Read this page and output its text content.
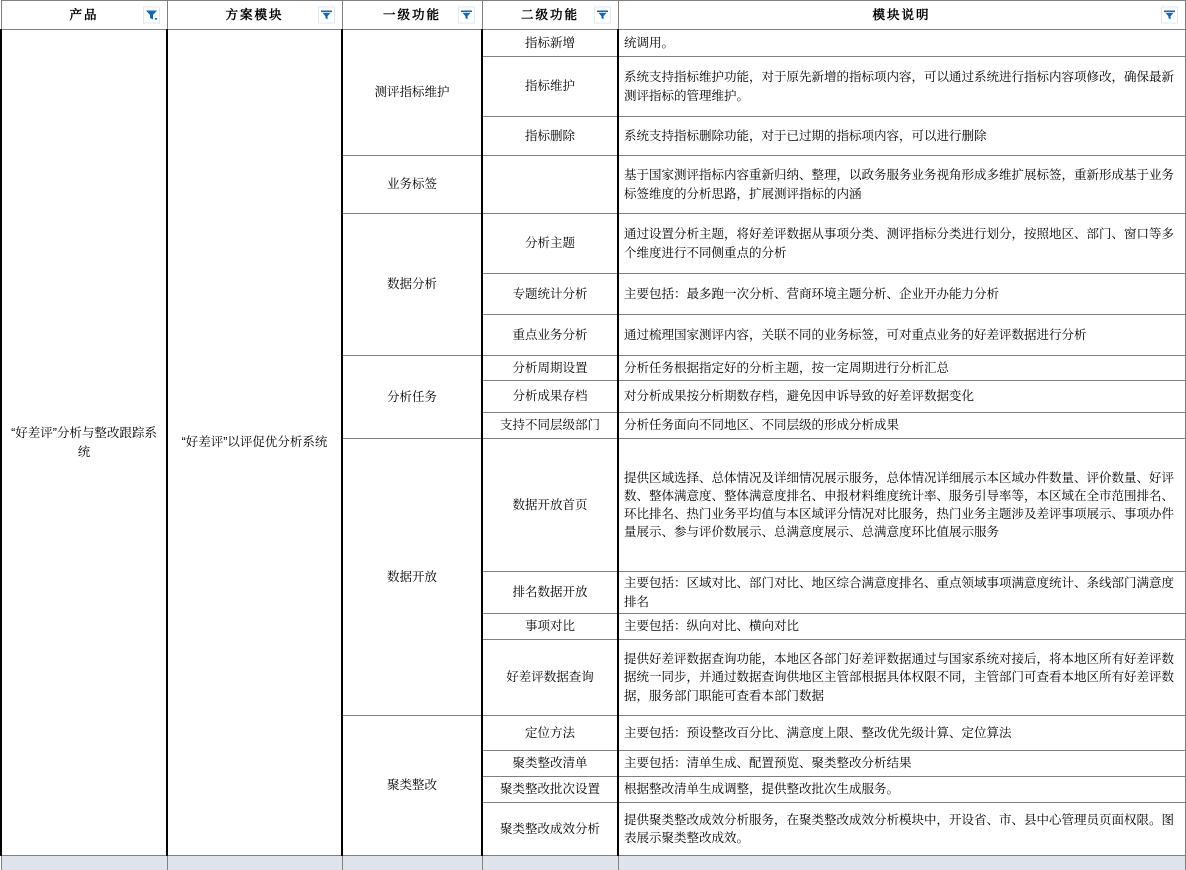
产品	方案模块	一级功能	二级功能	模块说明

“好差评”分析与整改跟踪系统	“好差评”以评促优分析系统	测评指标维护	指标新增	统调用。
			指标维护	系统支持指标维护功能，对于原先新增的指标项内容，可以通过系统进行指标内容项修改，确保最新测评指标的管理维护。
			指标删除	系统支持指标删除功能，对于已过期的指标项内容，可以进行删除
		业务标签		基于国家测评指标内容重新归纳、整理，以政务服务业务视角形成多维扩展标签，重新形成基于业务标签维度的分析思路，扩展测评指标的内涵
		数据分析	分析主题	通过设置分析主题，将好差评数据从事项分类、测评指标分类进行划分，按照地区、部门、窗口等多个维度进行不同侧重点的分析
			专题统计分析	主要包括：最多跑一次分析、营商环境主题分析、企业开办能力分析
			重点业务分析	通过梳理国家测评内容，关联不同的业务标签，可对重点业务的好差评数据进行分析
		分析任务	分析周期设置	分析任务根据指定好的分析主题，按一定周期进行分析汇总
			分析成果存档	对分析成果按分析期数存档，避免因申诉导致的好差评数据变化
			支持不同层级部门	分析任务面向不同地区、不同层级的形成分析成果
		数据开放	数据开放首页	提供区域选择、总体情况及详细情况展示服务，总体情况详细展示本区域办件数量、评价数量、好评数、整体满意度、整体满意度排名、申报材料维度统计率、服务引导率等，本区域在全市范围排名、环比排名、热门业务平均值与本区域评分情况对比服务，热门业务主题涉及差评事项展示、事项办件量展示、参与评价数展示、总满意度展示、总满意度环比值展示服务
			排名数据开放	主要包括：区域对比、部门对比、地区综合满意度排名、重点领域事项满意度统计、条线部门满意度排名
			事项对比	主要包括：纵向对比、横向对比
			好差评数据查询	提供好差评数据查询功能，本地区各部门好差评数据通过与国家系统对接后，将本地区所有好差评数据统一同步，并通过数据查询供地区主管部根据具体权限不同，主管部门可查看本地区所有好差评数据，服务部门职能可查看本部门数据
		聚类整改	定位方法	主要包括：预设整改百分比、满意度上限、整改优先级计算、定位算法
			聚类整改清单	主要包括：清单生成、配置预览、聚类整改分析结果
			聚类整改批次设置	根据整改清单生成调整，提供整改批次生成服务。
			聚类整改成效分析	提供聚类整改成效分析服务，在聚类整改成效分析模块中，开设省、市、县中心管理员页面权限。图表展示聚类整改成效。
